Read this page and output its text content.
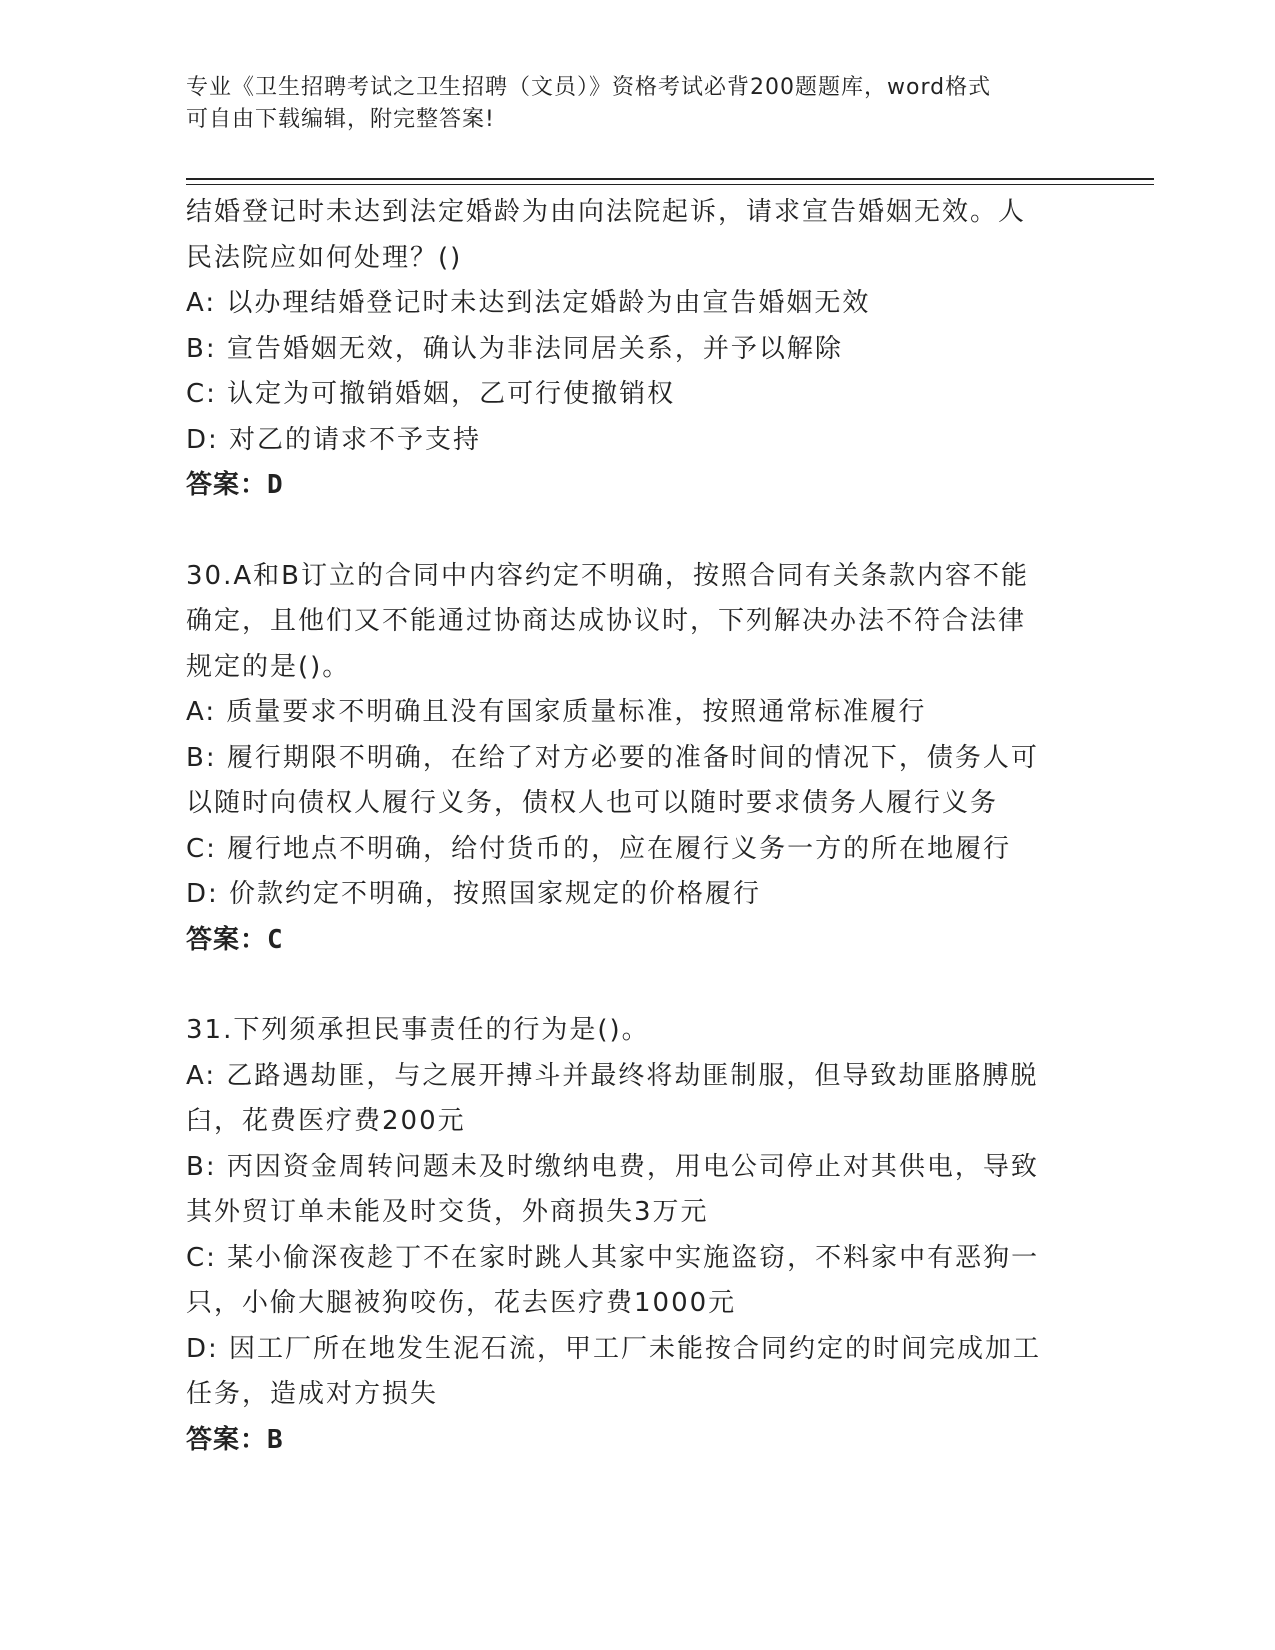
专业《卫生招聘考试之卫生招聘（文员）》资格考试必背200题题库，word格式

可自由下载编辑，附完整答案!

结婚登记时未达到法定婚龄为由向法院起诉，请求宣告婚姻无效。人

民法院应如何处理？()

A: 以办理结婚登记时未达到法定婚龄为由宣告婚姻无效

B: 宣告婚姻无效，确认为非法同居关系，并予以解除

C: 认定为可撤销婚姻，乙可行使撤销权

D: 对乙的请求不予支持

答案：D

30.A和B订立的合同中内容约定不明确，按照合同有关条款内容不能

确定，且他们又不能通过协商达成协议时，下列解决办法不符合法律

规定的是()。

A: 质量要求不明确且没有国家质量标准，按照通常标准履行

B: 履行期限不明确，在给了对方必要的准备时间的情况下，债务人可

以随时向债权人履行义务，债权人也可以随时要求债务人履行义务

C: 履行地点不明确，给付货币的，应在履行义务一方的所在地履行

D: 价款约定不明确，按照国家规定的价格履行

答案：C

31.下列须承担民事责任的行为是()。

A: 乙路遇劫匪，与之展开搏斗并最终将劫匪制服，但导致劫匪胳膊脱

臼，花费医疗费200元

B: 丙因资金周转问题未及时缴纳电费，用电公司停止对其供电，导致

其外贸订单未能及时交货，外商损失3万元

C: 某小偷深夜趁丁不在家时跳人其家中实施盗窃，不料家中有恶狗一

只，小偷大腿被狗咬伤，花去医疗费1000元

D: 因工厂所在地发生泥石流，甲工厂未能按合同约定的时间完成加工

任务，造成对方损失

答案：B
